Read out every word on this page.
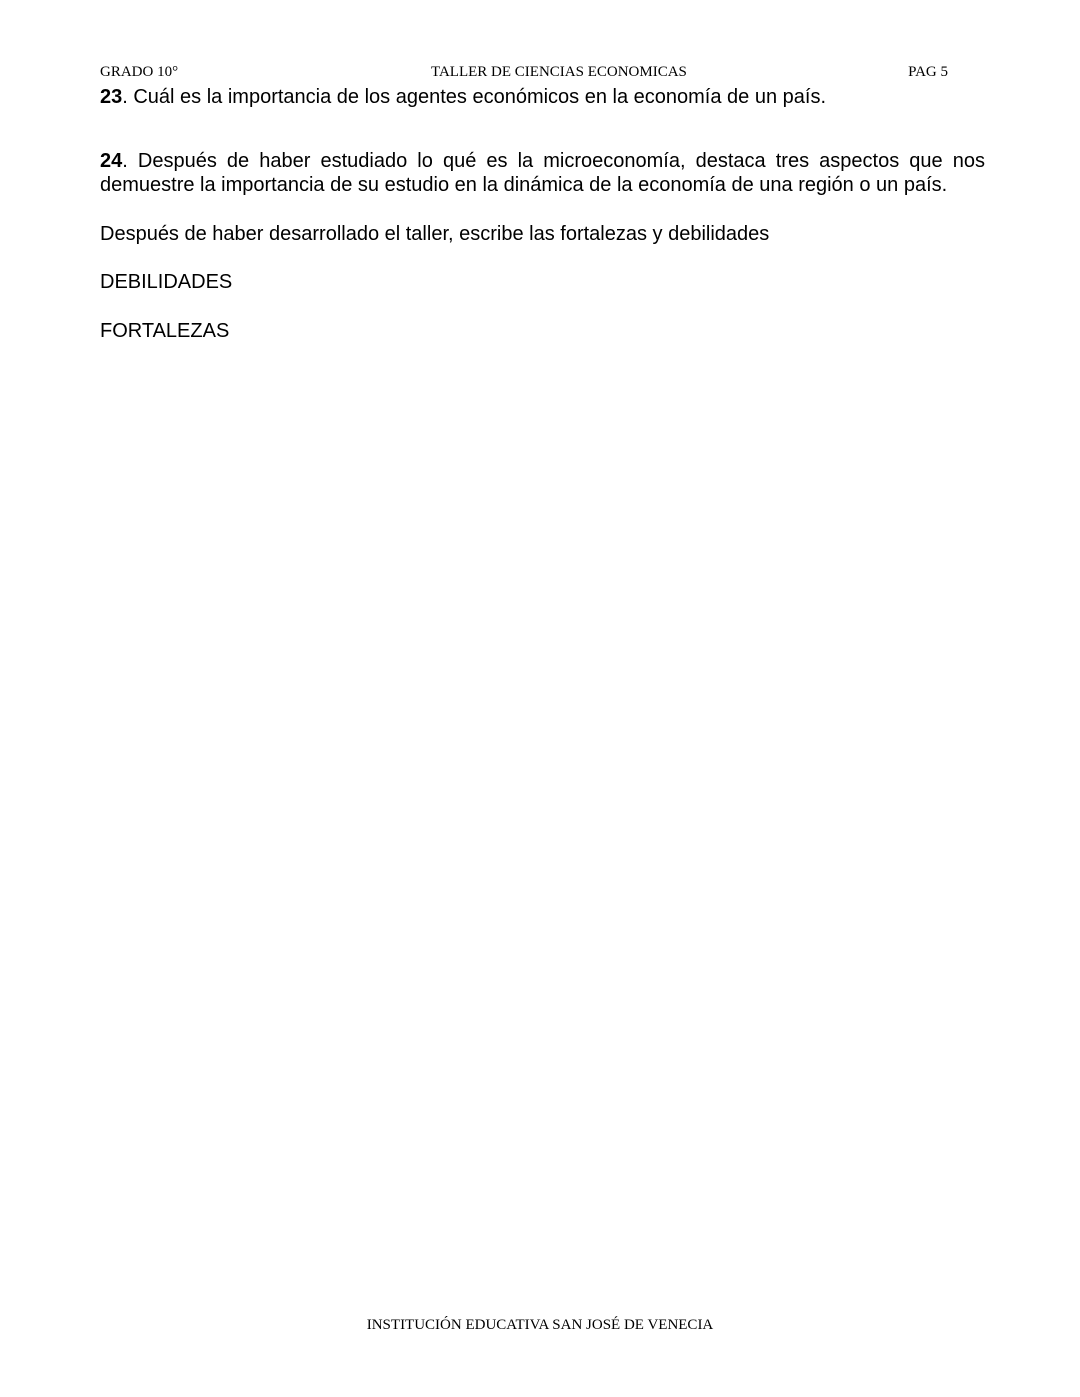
GRADO 10°	TALLER DE CIENCIAS ECONOMICAS	PAG 5

23. Cuál es la importancia de los agentes económicos en la economía de un país.

24. Después de haber estudiado lo qué es la microeconomía, destaca tres aspectos que nos demuestre la importancia de su estudio en la dinámica de la economía de una región o un país.

Después de haber desarrollado el taller, escribe las fortalezas y debilidades

DEBILIDADES

FORTALEZAS

INSTITUCIÓN EDUCATIVA SAN JOSÉ DE VENECIA
